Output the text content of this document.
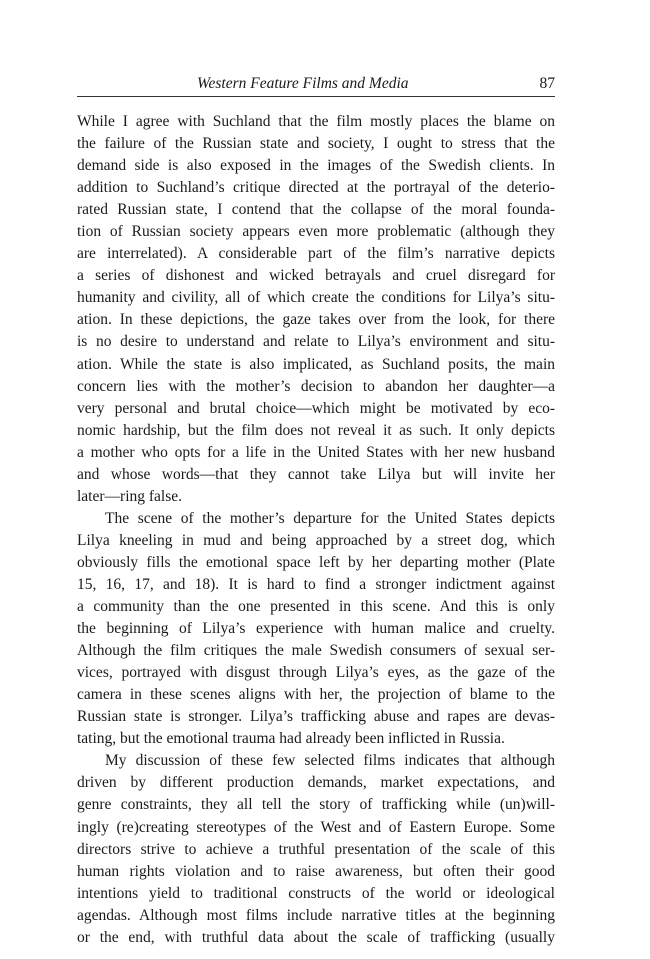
Western Feature Films and Media	87

While I agree with Suchland that the film mostly places the blame on
the failure of the Russian state and society, I ought to stress that the
demand side is also exposed in the images of the Swedish clients. In
addition to Suchland’s critique directed at the portrayal of the deterio-
rated Russian state, I contend that the collapse of the moral founda-
tion of Russian society appears even more problematic (although they
are interrelated). A considerable part of the film’s narrative depicts
a series of dishonest and wicked betrayals and cruel disregard for
humanity and civility, all of which create the conditions for Lilya’s situ-
ation. In these depictions, the gaze takes over from the look, for there
is no desire to understand and relate to Lilya’s environment and situ-
ation. While the state is also implicated, as Suchland posits, the main
concern lies with the mother’s decision to abandon her daughter—a
very personal and brutal choice—which might be motivated by eco-
nomic hardship, but the film does not reveal it as such. It only depicts
a mother who opts for a life in the United States with her new husband
and whose words—that they cannot take Lilya but will invite her
later—ring false.

The scene of the mother’s departure for the United States depicts
Lilya kneeling in mud and being approached by a street dog, which
obviously fills the emotional space left by her departing mother (Plate
15, 16, 17, and 18). It is hard to find a stronger indictment against
a community than the one presented in this scene. And this is only
the beginning of Lilya’s experience with human malice and cruelty.
Although the film critiques the male Swedish consumers of sexual ser-
vices, portrayed with disgust through Lilya’s eyes, as the gaze of the
camera in these scenes aligns with her, the projection of blame to the
Russian state is stronger. Lilya’s trafficking abuse and rapes are devas-
tating, but the emotional trauma had already been inflicted in Russia.

My discussion of these few selected films indicates that although
driven by different production demands, market expectations, and
genre constraints, they all tell the story of trafficking while (un)will-
ingly (re)creating stereotypes of the West and of Eastern Europe. Some
directors strive to achieve a truthful presentation of the scale of this
human rights violation and to raise awareness, but often their good
intentions yield to traditional constructs of the world or ideological
agendas. Although most films include narrative titles at the beginning
or the end, with truthful data about the scale of trafficking (usually
